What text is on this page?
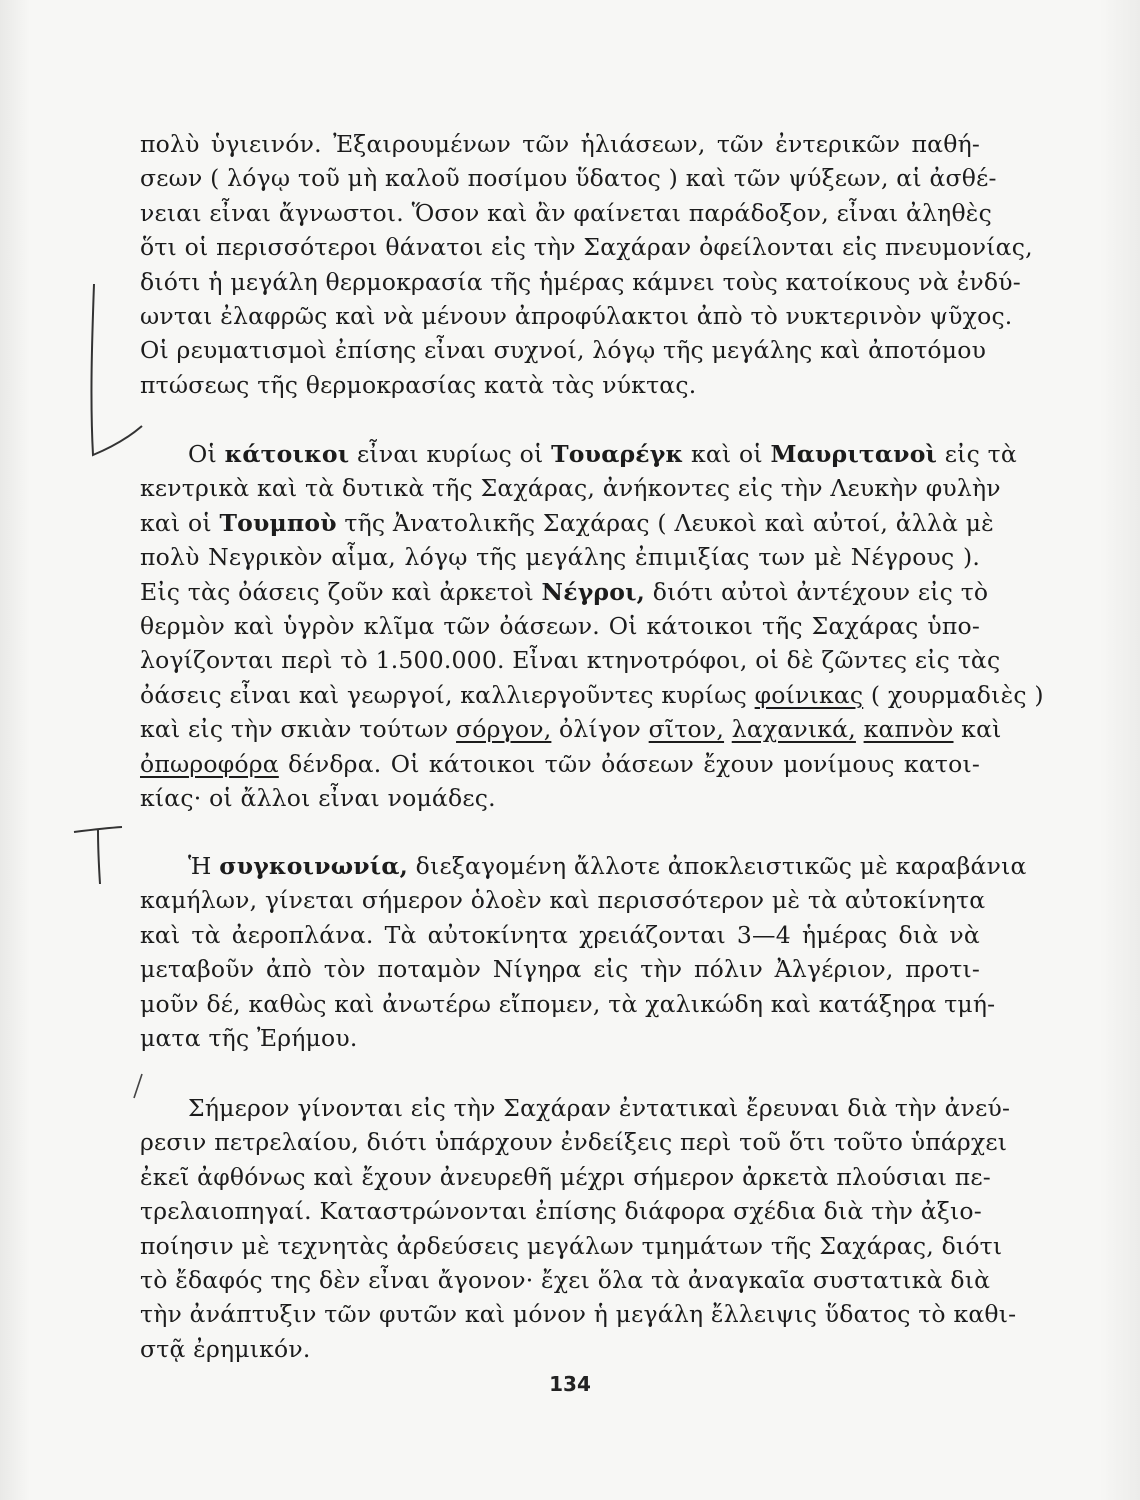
πολὺ ὑγιεινόν. Ἐξαιρουμένων τῶν ἡλιάσεων, τῶν ἐντερικῶν παθή-
σεων ( λόγῳ τοῦ μὴ καλοῦ ποσίμου ὕδατος ) καὶ τῶν ψύξεων, αἱ ἀσθέ-
νειαι εἶναι ἄγνωστοι. Ὅσον καὶ ἂν φαίνεται παράδοξον, εἶναι ἀληθὲς
ὅτι οἱ περισσότεροι θάνατοι εἰς τὴν Σαχάραν ὀφείλονται εἰς πνευμονίας,
διότι ἡ μεγάλη θερμοκρασία τῆς ἡμέρας κάμνει τοὺς κατοίκους νὰ ἐνδύ-
ωνται ἐλαφρῶς καὶ νὰ μένουν ἀπροφύλακτοι ἀπὸ τὸ νυκτερινὸν ψῦχος.
Οἱ ρευματισμοὶ ἐπίσης εἶναι συχνοί, λόγῳ τῆς μεγάλης καὶ ἀποτόμου
πτώσεως τῆς θερμοκρασίας κατὰ τὰς νύκτας.
Οἱ κάτοικοι εἶναι κυρίως οἱ Τουαρέγκ καὶ οἱ Μαυριτανοὶ εἰς τὰ
κεντρικὰ καὶ τὰ δυτικὰ τῆς Σαχάρας, ἀνήκοντες εἰς τὴν Λευκὴν φυλὴν
καὶ οἱ Τουμποὺ τῆς Ἀνατολικῆς Σαχάρας ( Λευκοὶ καὶ αὐτοί, ἀλλὰ μὲ
πολὺ Νεγρικὸν αἷμα, λόγῳ τῆς μεγάλης ἐπιμιξίας των μὲ Νέγρους ).
Εἰς τὰς ὀάσεις ζοῦν καὶ ἀρκετοὶ Νέγροι, διότι αὐτοὶ ἀντέχουν εἰς τὸ
θερμὸν καὶ ὑγρὸν κλῖμα τῶν ὀάσεων. Οἱ κάτοικοι τῆς Σαχάρας ὑπο-
λογίζονται περὶ τὸ 1.500.000. Εἶναι κτηνοτρόφοι, οἱ δὲ ζῶντες εἰς τὰς
ὀάσεις εἶναι καὶ γεωργοί, καλλιεργοῦντες κυρίως φοίνικας ( χουρμαδιὲς )
καὶ εἰς τὴν σκιὰν τούτων σόργον, ὀλίγον σῖτον, λαχανικά, καπνὸν καὶ
ὀπωροφόρα δένδρα. Οἱ κάτοικοι τῶν ὀάσεων ἔχουν μονίμους κατοι-
κίας· οἱ ἄλλοι εἶναι νομάδες.
Ἡ συγκοινωνία, διεξαγομένη ἄλλοτε ἀποκλειστικῶς μὲ καραβάνια
καμήλων, γίνεται σήμερον ὁλοὲν καὶ περισσότερον μὲ τὰ αὐτοκίνητα
καὶ τὰ ἀεροπλάνα. Τὰ αὐτοκίνητα χρειάζονται 3—4 ἡμέρας διὰ νὰ
μεταβοῦν ἀπὸ τὸν ποταμὸν Νίγηρα εἰς τὴν πόλιν Ἀλγέριον, προτι-
μοῦν δέ, καθὼς καὶ ἀνωτέρω εἴπομεν, τὰ χαλικώδη καὶ κατάξηρα τμή-
ματα τῆς Ἐρήμου.
Σήμερον γίνονται εἰς τὴν Σαχάραν ἐντατικαὶ ἔρευναι διὰ τὴν ἀνεύ-
ρεσιν πετρελαίου, διότι ὑπάρχουν ἐνδείξεις περὶ τοῦ ὅτι τοῦτο ὑπάρχει
ἐκεῖ ἀφθόνως καὶ ἔχουν ἀνευρεθῆ μέχρι σήμερον ἀρκετὰ πλούσιαι πε-
τρελαιοπηγαί. Καταστρώνονται ἐπίσης διάφορα σχέδια διὰ τὴν ἀξιο-
ποίησιν μὲ τεχνητὰς ἀρδεύσεις μεγάλων τμημάτων τῆς Σαχάρας, διότι
τὸ ἔδαφός της δὲν εἶναι ἄγονον· ἔχει ὅλα τὰ ἀναγκαῖα συστατικὰ διὰ
τὴν ἀνάπτυξιν τῶν φυτῶν καὶ μόνον ἡ μεγάλη ἔλλειψις ὕδατος τὸ καθι-
στᾷ ἐρημικόν.
134
